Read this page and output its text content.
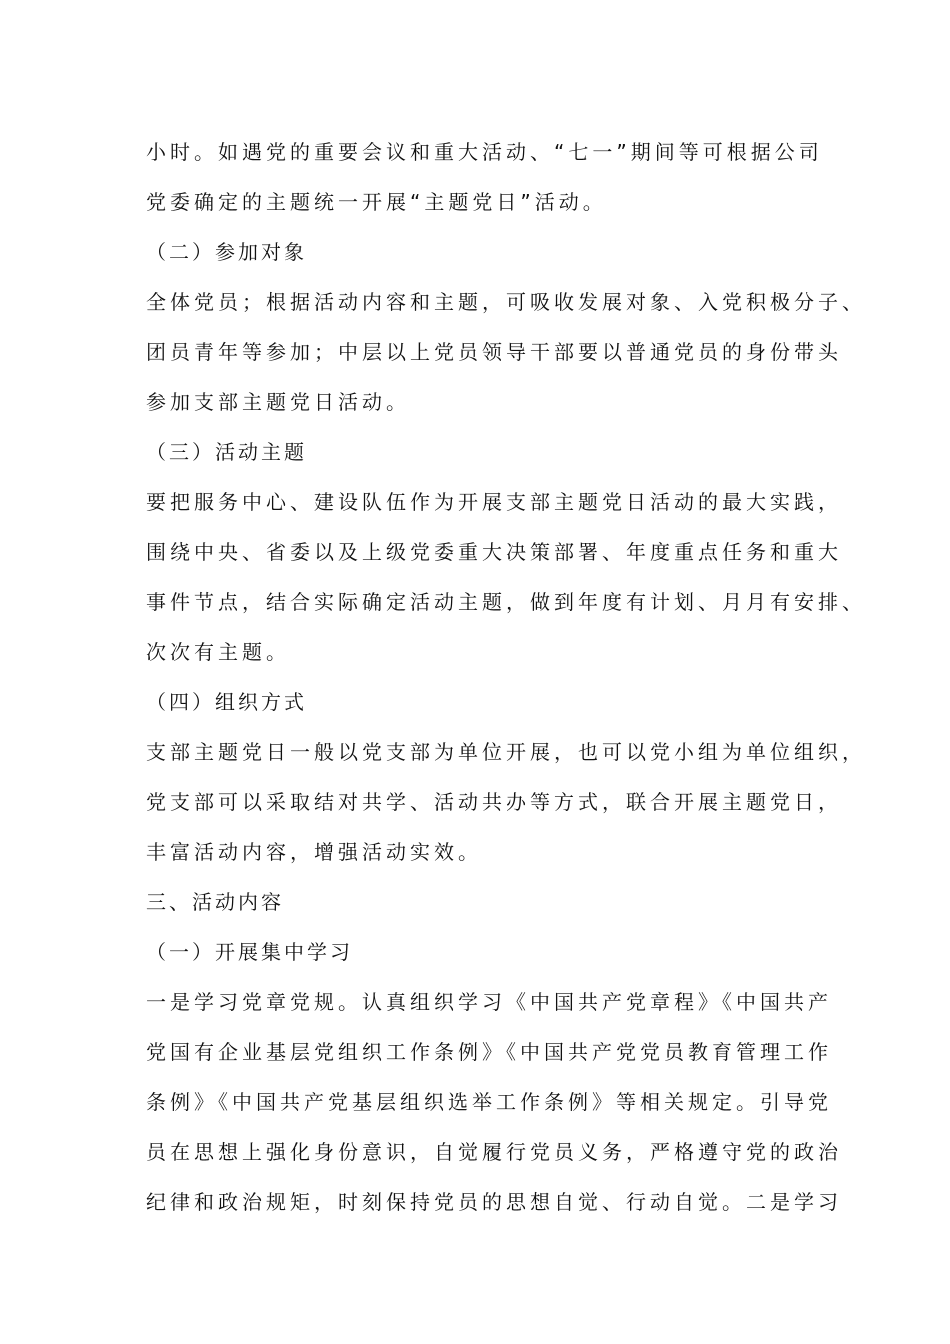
小时。如遇党的重要会议和重大活动、“七一”期间等可根据公司
党委确定的主题统一开展“主题党日”活动。
（二）参加对象
全体党员；根据活动内容和主题，可吸收发展对象、入党积极分子、
团员青年等参加；中层以上党员领导干部要以普通党员的身份带头
参加支部主题党日活动。
（三）活动主题
要把服务中心、建设队伍作为开展支部主题党日活动的最大实践，
围绕中央、省委以及上级党委重大决策部署、年度重点任务和重大
事件节点，结合实际确定活动主题，做到年度有计划、月月有安排、
次次有主题。
（四）组织方式
支部主题党日一般以党支部为单位开展，也可以党小组为单位组织，
党支部可以采取结对共学、活动共办等方式，联合开展主题党日，
丰富活动内容，增强活动实效。
三、活动内容
（一）开展集中学习
一是学习党章党规。认真组织学习《中国共产党章程》《中国共产
党国有企业基层党组织工作条例》《中国共产党党员教育管理工作
条例》《中国共产党基层组织选举工作条例》等相关规定。引导党
员在思想上强化身份意识，自觉履行党员义务，严格遵守党的政治
纪律和政治规矩，时刻保持党员的思想自觉、行动自觉。二是学习
